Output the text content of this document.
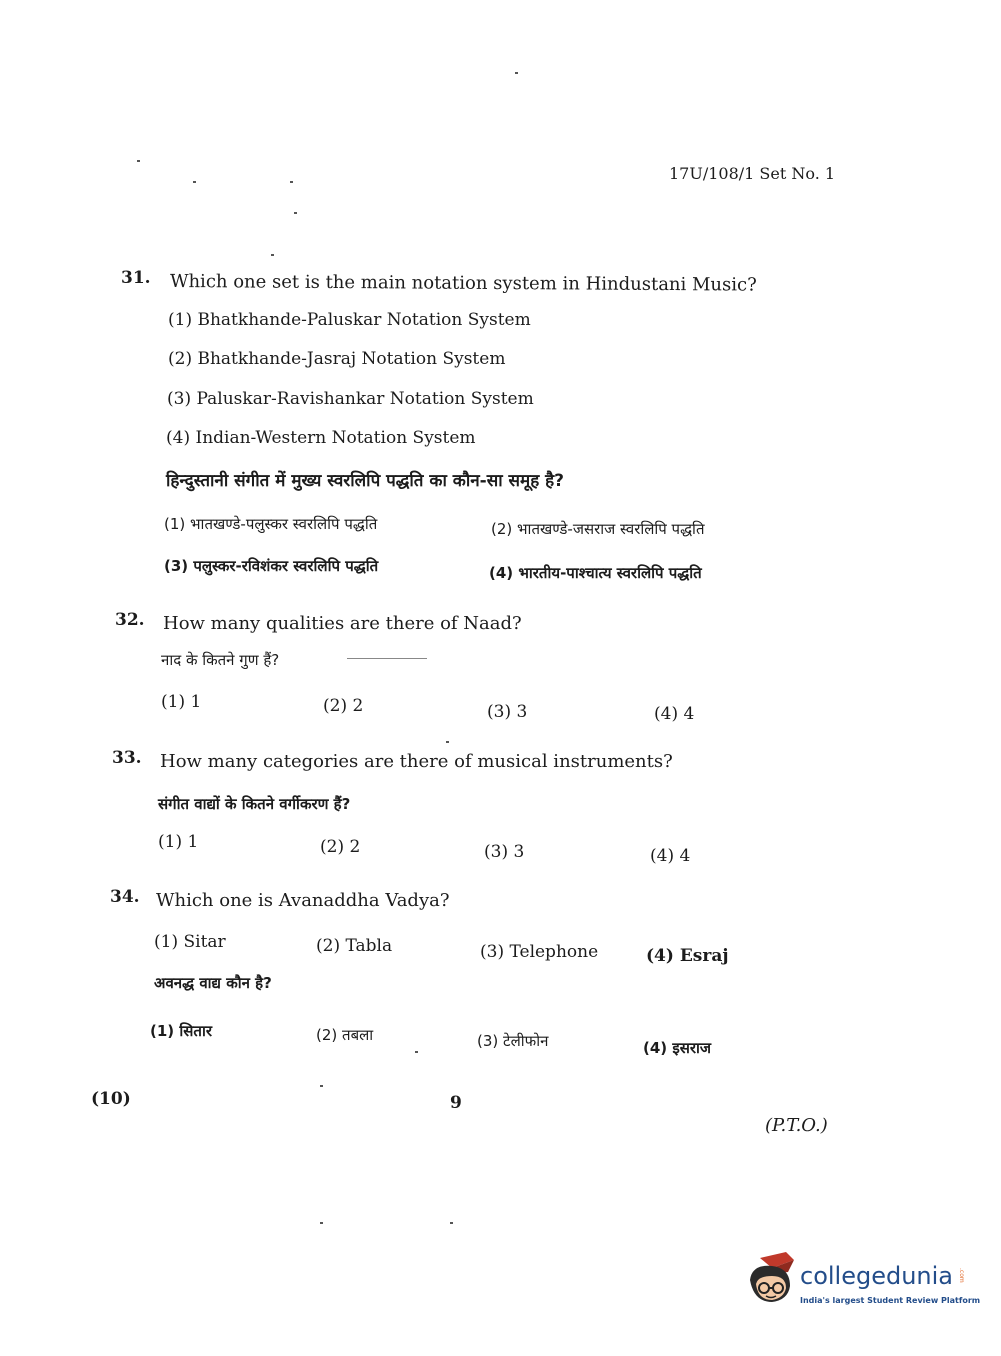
17U/108/1 Set No. 1
31. Which one set is the main notation system in Hindustani Music?
(1) Bhatkhande-Paluskar Notation System
(2) Bhatkhande-Jasraj Notation System
(3) Paluskar-Ravishankar Notation System
(4) Indian-Western Notation System
हिन्दुस्तानी संगीत में मुख्य स्वरलिपि पद्धति का कौन-सा समूह है?
(1) भातखण्डे-पलुस्कर स्वरलिपि पद्धति	(2) भातखण्डे-जसराज स्वरलिपि पद्धति
(3) पलुस्कर-रविशंकर स्वरलिपि पद्धति	(4) भारतीय-पाश्चात्य स्वरलिपि पद्धति
32. How many qualities are there of Naad?
नाद के कितने गुण हैं?
(1) 1	(2) 2	(3) 3	(4) 4
33. How many categories are there of musical instruments?
संगीत वाद्यों के कितने वर्गीकरण हैं?
(1) 1	(2) 2	(3) 3	(4) 4
34. Which one is Avanaddha Vadya?
(1) Sitar	(2) Tabla	(3) Telephone	(4) Esraj
अवनद्ध वाद्य कौन है?
(1) सितार	(2) तबला	(3) टेलीफोन	(4) इसराज
(10)	9
(P.T.O.)
collegedunia .com
India's largest Student Review Platform
